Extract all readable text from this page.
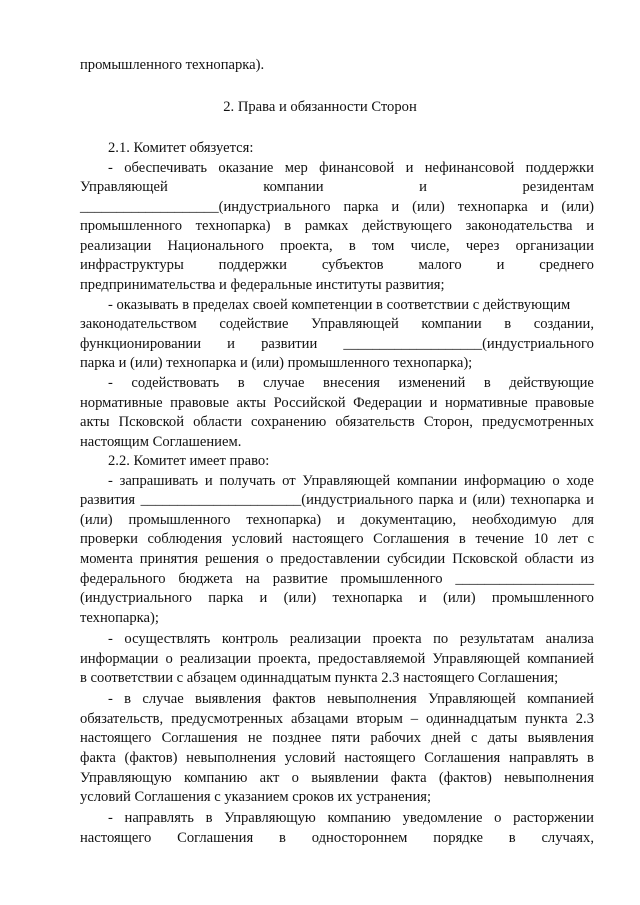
промышленного технопарка).
2. Права и обязанности Сторон
2.1. Комитет обязуется:
- обеспечивать оказание мер финансовой и нефинансовой поддержки
Управляющей	компании	и	резидентам
___________________(индустриального парка и (или) технопарка и (или)
промышленного технопарка) в рамках действующего законодательства и
реализации Национального проекта, в том числе, через организации
инфраструктуры поддержки субъектов малого и среднего
предпринимательства и федеральные институты развития;
- оказывать в пределах своей компетенции в соответствии с действующим
законодательством содействие Управляющей компании в создании,
функционировании и развитии ___________________(индустриального
парка и (или) технопарка и (или) промышленного технопарка);
- содействовать в случае внесения изменений в действующие
нормативные правовые акты Российской Федерации и нормативные правовые
акты Псковской области сохранению обязательств Сторон, предусмотренных
настоящим Соглашением.
2.2. Комитет имеет право:
- запрашивать и получать от Управляющей компании информацию о ходе
развития ______________________(индустриального парка и (или) технопарка и
(или) промышленного технопарка) и документацию, необходимую для
проверки соблюдения условий настоящего Соглашения в течение 10 лет с
момента принятия решения о предоставлении субсидии Псковской области из
федерального бюджета на развитие промышленного ___________________
(индустриального парка и (или) технопарка и (или) промышленного
технопарка);
- осуществлять контроль реализации проекта по результатам анализа
информации о реализации проекта, предоставляемой Управляющей компанией
в соответствии с абзацем одиннадцатым пункта 2.3 настоящего Соглашения;
- в случае выявления фактов невыполнения Управляющей компанией
обязательств, предусмотренных абзацами вторым – одиннадцатым пункта 2.3
настоящего Соглашения не позднее пяти рабочих дней с даты выявления
факта (фактов) невыполнения условий настоящего Соглашения направлять в
Управляющую компанию акт о выявлении факта (фактов) невыполнения
условий Соглашения с указанием сроков их устранения;
- направлять в Управляющую компанию уведомление о расторжении
настоящего Соглашения в одностороннем порядке в случаях,
